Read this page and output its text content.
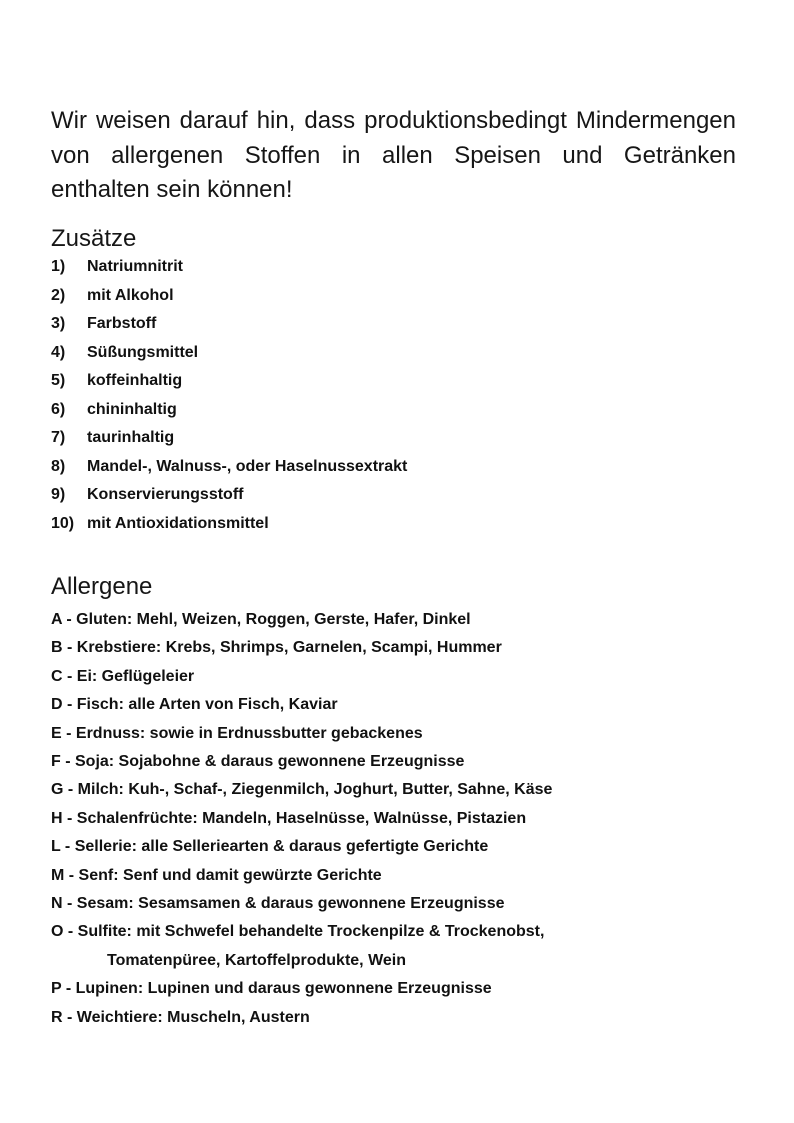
Wir weisen darauf hin, dass produktionsbedingt Mindermengen von allergenen Stoffen in allen Speisen und Getränken enthalten sein können!

Zusätze
1) Natriumnitrit
2) mit Alkohol
3) Farbstoff
4) Süßungsmittel
5) koffeinhaltig
6) chininhaltig
7) taurinhaltig
8) Mandel-, Walnuss-, oder Haselnussextrakt
9) Konservierungsstoff
10) mit Antioxidationsmittel
Allergene
A - Gluten: Mehl, Weizen, Roggen, Gerste, Hafer, Dinkel
B - Krebstiere: Krebs, Shrimps, Garnelen, Scampi, Hummer
C - Ei: Geflügeleier
D - Fisch: alle Arten von Fisch, Kaviar
E - Erdnuss: sowie in Erdnussbutter gebackenes
F - Soja: Sojabohne & daraus gewonnene Erzeugnisse
G - Milch: Kuh-, Schaf-, Ziegenmilch, Joghurt, Butter, Sahne, Käse
H - Schalenfrüchte: Mandeln, Haselnüsse, Walnüsse, Pistazien
L - Sellerie: alle Selleriearten & daraus gefertigte Gerichte
M - Senf: Senf und damit gewürzte Gerichte
N - Sesam: Sesamsamen & daraus gewonnene Erzeugnisse
O - Sulfite: mit Schwefel behandelte Trockenpilze & Trockenobst,
Tomatenpüree, Kartoffelprodukte, Wein
P - Lupinen: Lupinen und daraus gewonnene Erzeugnisse
R - Weichtiere: Muscheln, Austern
